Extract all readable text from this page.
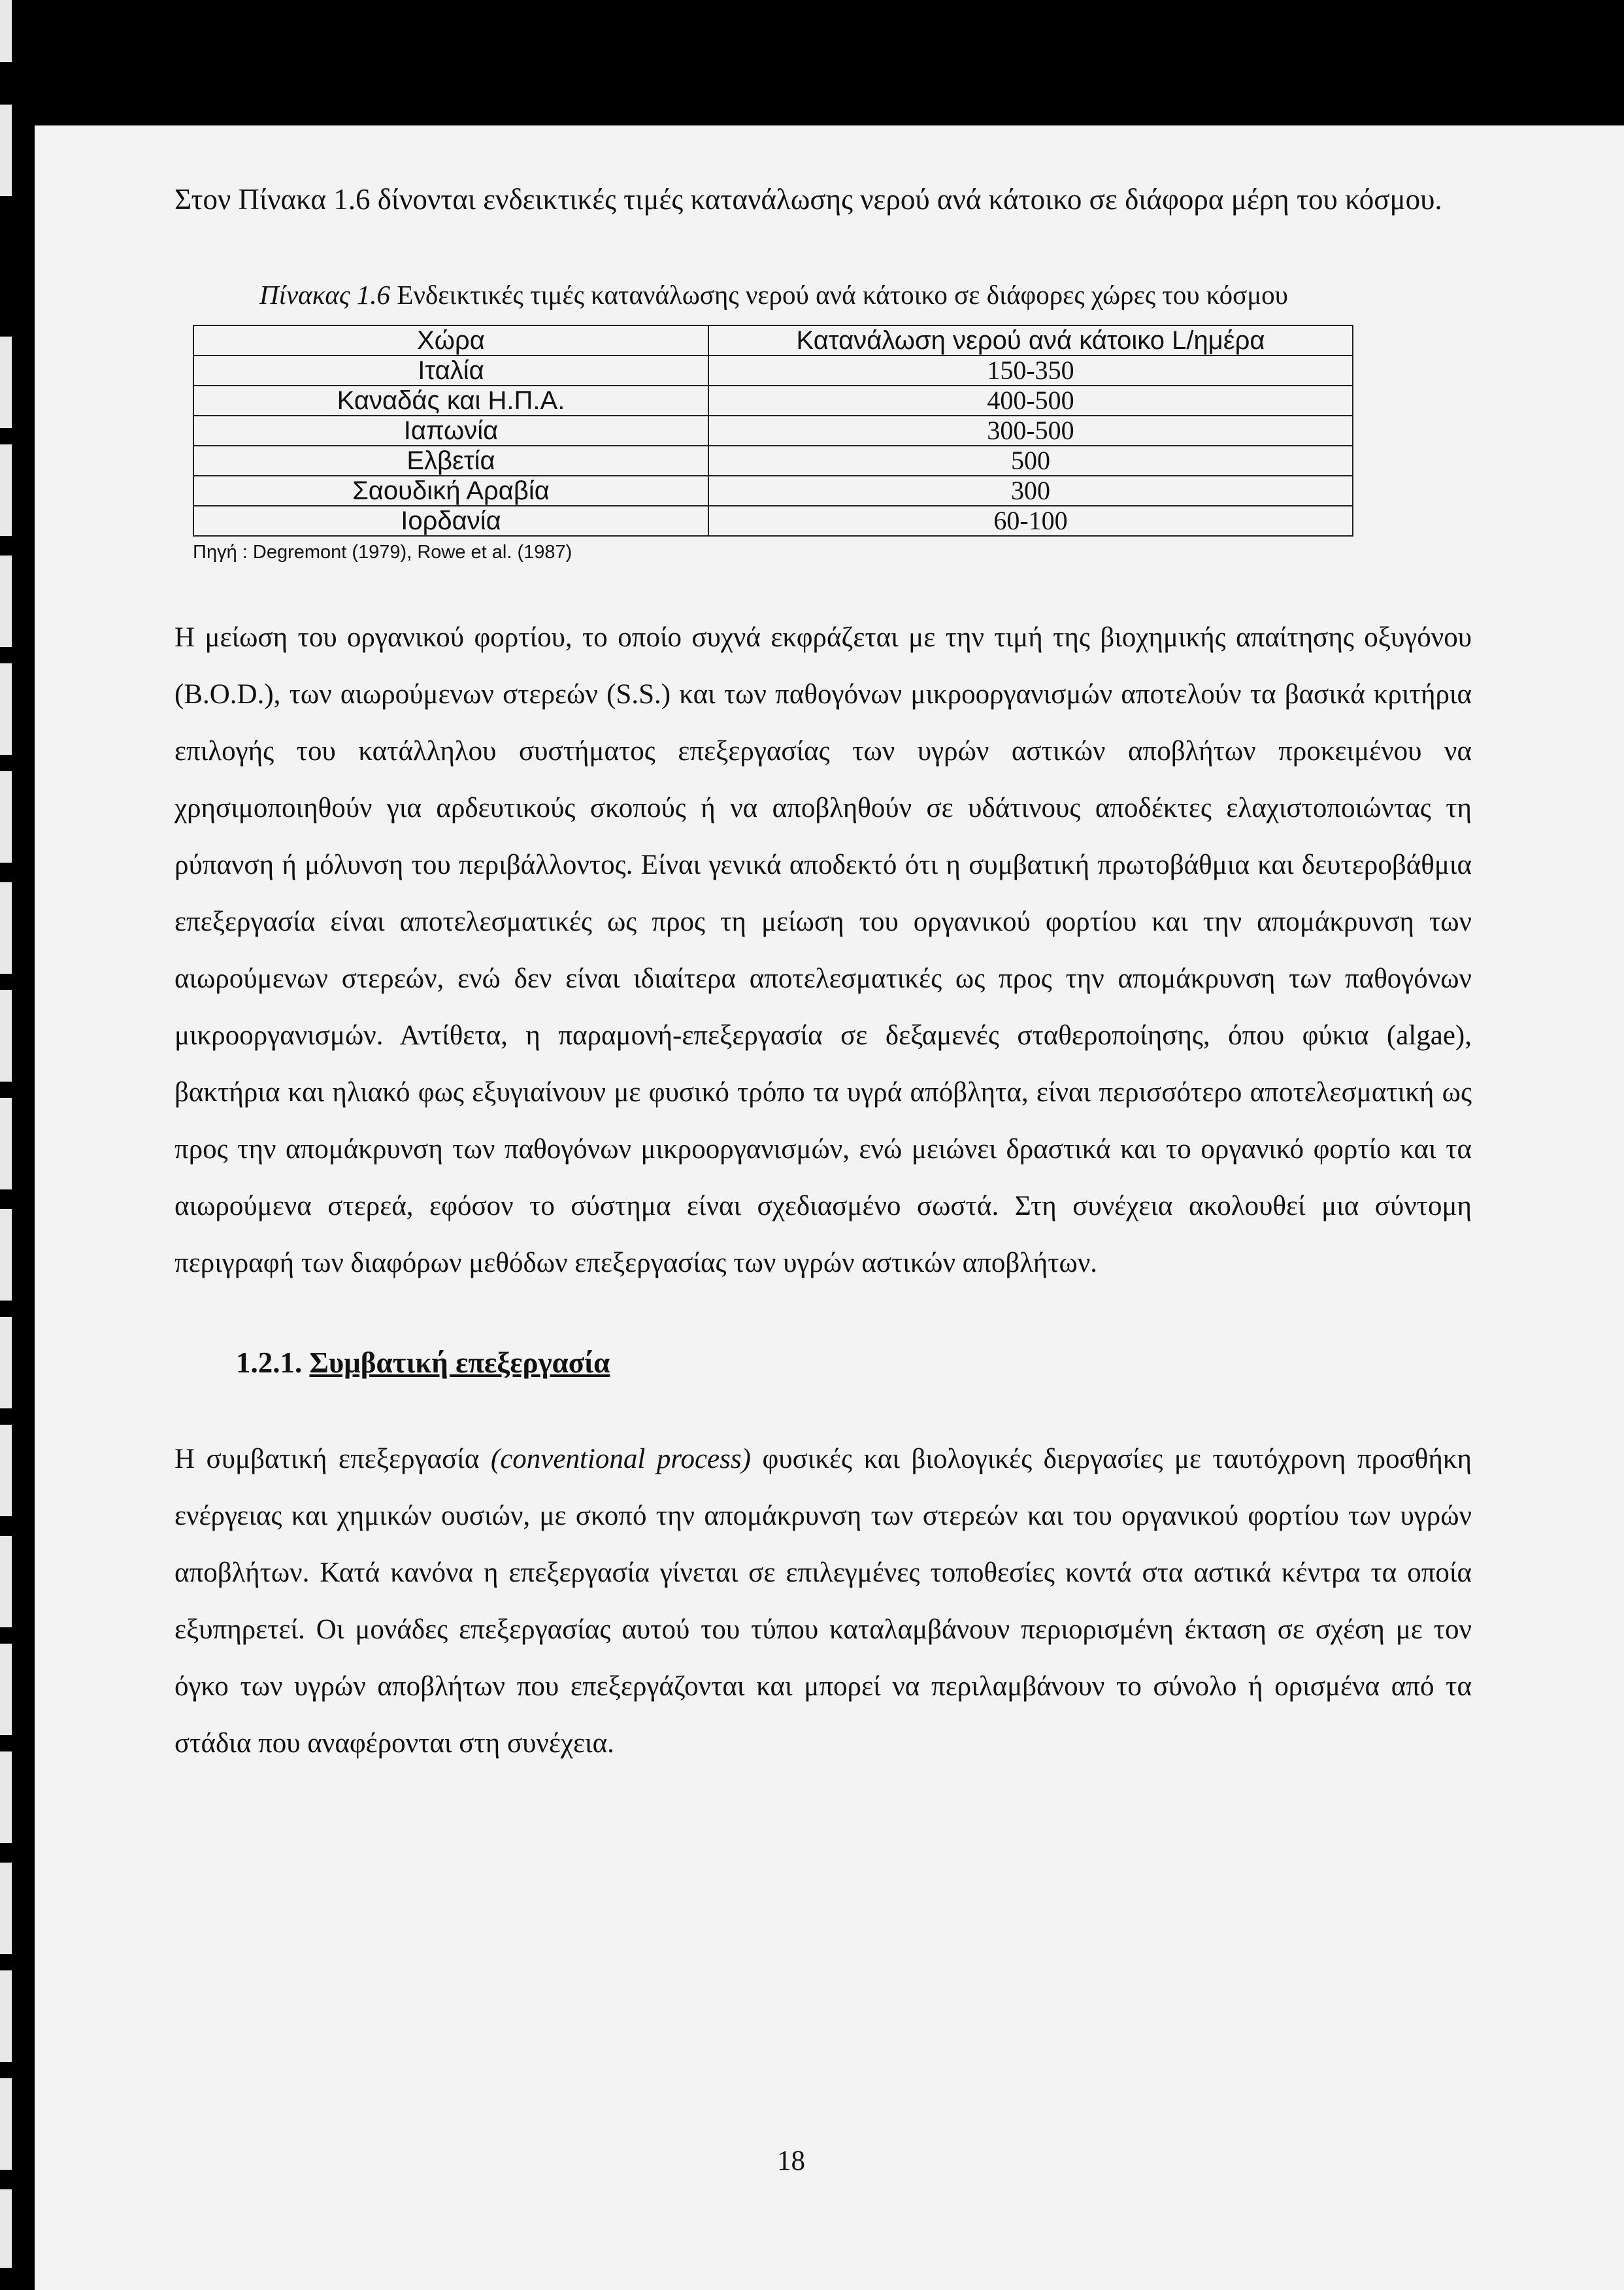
Στον Πίνακα 1.6 δίνονται ενδεικτικές τιμές κατανάλωσης νερού ανά κάτοικο σε διάφορα μέρη του κόσμου.

Πίνακας 1.6 Ενδεικτικές τιμές κατανάλωσης νερού ανά κάτοικο σε διάφορες χώρες του κόσμου
Χώρα	Κατανάλωση νερού ανά κάτοικο L/ημέρα
Ιταλία	150-350
Καναδάς και Η.Π.Α.	400-500
Ιαπωνία	300-500
Ελβετία	500
Σαουδική Αραβία	300
Ιορδανία	60-100
Πηγή : Degremont (1979), Rowe et al. (1987)

Η μείωση του οργανικού φορτίου, το οποίο συχνά εκφράζεται με την τιμή της βιοχημικής απαίτησης οξυγόνου (B.O.D.), των αιωρούμενων στερεών (S.S.) και των παθογόνων μικροοργανισμών αποτελούν τα βασικά κριτήρια επιλογής του κατάλληλου συστήματος επεξεργασίας των υγρών αστικών αποβλήτων προκειμένου να χρησιμοποιηθούν για αρδευτικούς σκοπούς ή να αποβληθούν σε υδάτινους αποδέκτες ελαχιστοποιώντας τη ρύπανση ή μόλυνση του περιβάλλοντος. Είναι γενικά αποδεκτό ότι η συμβατική πρωτοβάθμια και δευτεροβάθμια επεξεργασία είναι αποτελεσματικές ως προς τη μείωση του οργανικού φορτίου και την απομάκρυνση των αιωρούμενων στερεών, ενώ δεν είναι ιδιαίτερα αποτελεσματικές ως προς την απομάκρυνση των παθογόνων μικροοργανισμών. Αντίθετα, η παραμονή-επεξεργασία σε δεξαμενές σταθεροποίησης, όπου φύκια (algae), βακτήρια και ηλιακό φως εξυγιαίνουν με φυσικό τρόπο τα υγρά απόβλητα, είναι περισσότερο αποτελεσματική ως προς την απομάκρυνση των παθογόνων μικροοργανισμών, ενώ μειώνει δραστικά και το οργανικό φορτίο και τα αιωρούμενα στερεά, εφόσον το σύστημα είναι σχεδιασμένο σωστά. Στη συνέχεια ακολουθεί μια σύντομη περιγραφή των διαφόρων μεθόδων επεξεργασίας των υγρών αστικών αποβλήτων.

1.2.1. Συμβατική επεξεργασία

Η συμβατική επεξεργασία (conventional process) φυσικές και βιολογικές διεργασίες με ταυτόχρονη προσθήκη ενέργειας και χημικών ουσιών, με σκοπό την απομάκρυνση των στερεών και του οργανικού φορτίου των υγρών αποβλήτων. Κατά κανόνα η επεξεργασία γίνεται σε επιλεγμένες τοποθεσίες κοντά στα αστικά κέντρα τα οποία εξυπηρετεί. Οι μονάδες επεξεργασίας αυτού του τύπου καταλαμβάνουν περιορισμένη έκταση σε σχέση με τον όγκο των υγρών αποβλήτων που επεξεργάζονται και μπορεί να περιλαμβάνουν το σύνολο ή ορισμένα από τα στάδια που αναφέρονται στη συνέχεια.

18
